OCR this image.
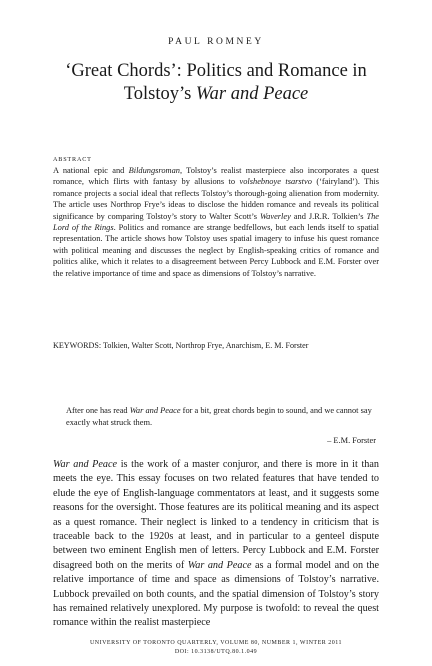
PAUL ROMNEY
‘Great Chords’: Politics and Romance in
Tolstoy’s War and Peace
ABSTRACT
A national epic and Bildungsroman, Tolstoy’s realist masterpiece also incorporates a quest romance, which flirts with fantasy by allusions to volshebnoye tsarstvo (‘fairyland’). This romance projects a social ideal that reflects Tolstoy’s thorough-going alienation from modernity. The article uses Northrop Frye’s ideas to disclose the hidden romance and reveals its political significance by comparing Tolstoy’s story to Walter Scott’s Waverley and J.R.R. Tolkien’s The Lord of the Rings. Politics and romance are strange bedfellows, but each lends itself to spatial representation. The article shows how Tolstoy uses spatial imagery to infuse his quest romance with political meaning and discusses the neglect by English-speaking critics of romance and politics alike, which it relates to a disagreement between Percy Lubbock and E.M. Forster over the relative importance of time and space as dimensions of Tolstoy’s narrative.
KEYWORDS: Tolkien, Walter Scott, Northrop Frye, Anarchism, E. M. Forster
After one has read War and Peace for a bit, great chords begin to sound, and we cannot say exactly what struck them.
– E.M. Forster
War and Peace is the work of a master conjuror, and there is more in it than meets the eye. This essay focuses on two related features that have tended to elude the eye of English-language commentators at least, and it suggests some reasons for the oversight. Those features are its political meaning and its aspect as a quest romance. Their neglect is linked to a tendency in criticism that is traceable back to the 1920s at least, and in particular to a genteel dispute between two eminent English men of letters. Percy Lubbock and E.M. Forster disagreed both on the merits of War and Peace as a formal model and on the relative importance of time and space as dimensions of Tolstoy’s narrative. Lubbock prevailed on both counts, and the spatial dimension of Tolstoy’s story has remained relatively unexplored. My purpose is twofold: to reveal the quest romance within the realist masterpiece
UNIVERSITY OF TORONTO QUARTERLY, VOLUME 80, NUMBER 1, WINTER 2011
DOI: 10.3138/UTQ.80.1.049
